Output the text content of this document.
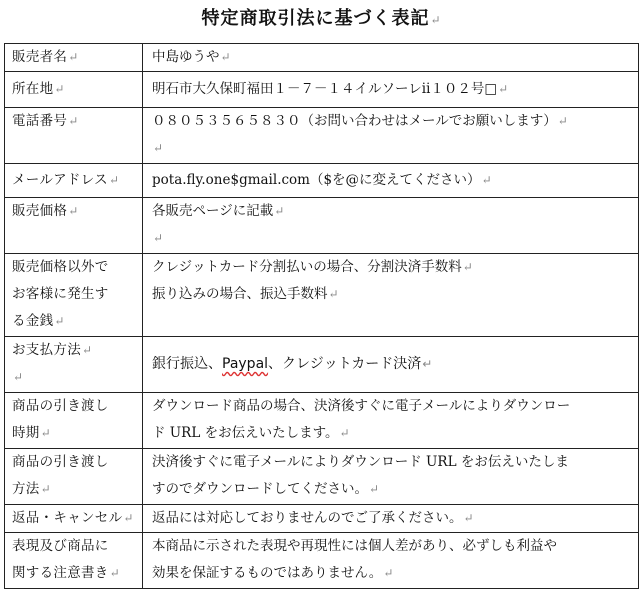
特定商取引法に基づく表記↵
販売者名↵	中島ゆうや↵
所在地↵	明石市大久保町福田１－７－１４イルソーレⅱ１０２号□↵
電話番号↵	０８０５３５６５８３０（お問い合わせはメールでお願いします）↵
↵

メールアドレス↵	pota.fly.one$gmail.com（$を@に変えてください）↵
販売価格↵	各販売ページに記載↵
↵

販売価格以外で
お客様に発生す
る金銭↵	クレジットカード分割払いの場合、分割決済手数料↵
振り込みの場合、振込手数料↵

お支払方法↵
↵	銀行振込、Paypal、クレジットカード決済↵

商品の引き渡し
時期↵	ダウンロード商品の場合、決済後すぐに電子メールによりダウンロー
ド URL をお伝えいたします。↵

商品の引き渡し
方法↵	決済後すぐに電子メールによりダウンロード URL をお伝えいたしま
すのでダウンロードしてください。↵

返品・キャンセル↵	返品には対応しておりませんのでご了承ください。↵

表現及び商品に
関する注意書き↵	本商品に示された表現や再現性には個人差があり、必ずしも利益や
効果を保証するものではありません。↵
